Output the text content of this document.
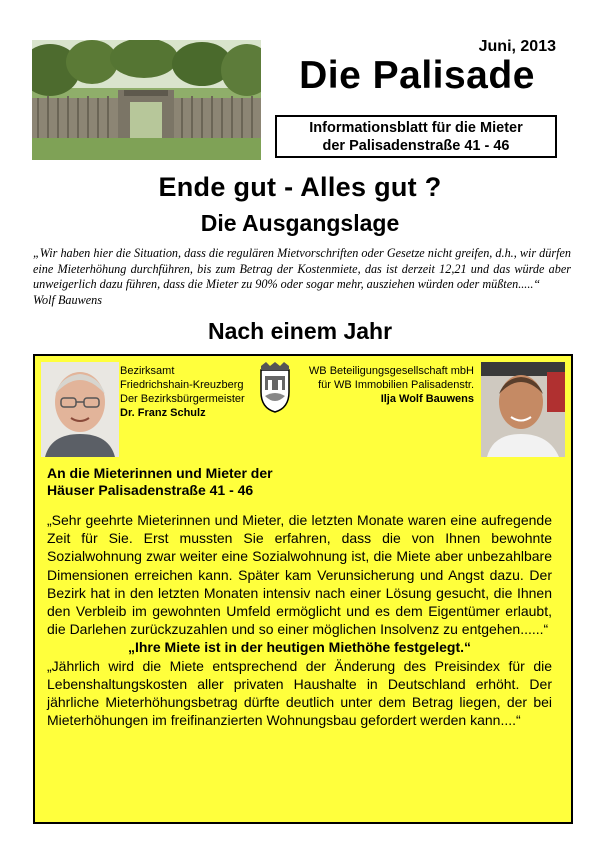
Juni, 2013
Die Palisade
Informationsblatt für die Mieter
der Palisadenstraße 41 - 46
Ende gut - Alles gut ?
Die Ausgangslage
„Wir haben hier die Situation, dass die regulären Mietvorschriften oder Gesetze nicht greifen, d.h., wir dürfen eine Mieterhöhung durchführen, bis zum Betrag der Kostenmiete, das ist derzeit 12,21 und das würde aber unweigerlich dazu führen, dass die Mieter zu 90% oder sogar mehr, ausziehen würden oder müßten.....“
Wolf Bauwens
Nach einem Jahr
Bezirksamt
Friedrichshain-Kreuzberg
Der Bezirksbürgermeister
Dr. Franz Schulz
WB Beteiligungsgesellschaft mbH
für WB Immobilien Palisadenstr.
Ilja Wolf Bauwens
An die Mieterinnen und Mieter der
Häuser Palisadenstraße 41 - 46

„Sehr geehrte Mieterinnen und Mieter, die letzten Monate waren eine aufregende Zeit für Sie. Erst mussten Sie erfahren, dass die von Ihnen bewohnte Sozialwohnung zwar weiter eine Sozialwohnung ist, die Miete aber unbezahlbare Dimensionen erreichen kann. Später kam Verunsicherung und Angst dazu. Der Bezirk hat in den letzten Monaten intensiv nach einer Lösung gesucht, die Ihnen den Verbleib im gewohnten Umfeld ermöglicht und es dem Eigentümer erlaubt, die Darlehen zurückzuzahlen und so einer möglichen Insolvenz zu entgehen......“

„Ihre Miete ist in der heutigen Miethöhe festgelegt.“

„Jährlich wird die Miete entsprechend der Änderung des Preisindex für die Lebenshaltungskosten aller privaten Haushalte in Deutschland erhöht. Der jährliche Mieterhöhungsbetrag dürfte deutlich unter dem Betrag liegen, der bei Mieterhöhungen im freifinanzierten Wohnungsbau gefordert werden kann....“
